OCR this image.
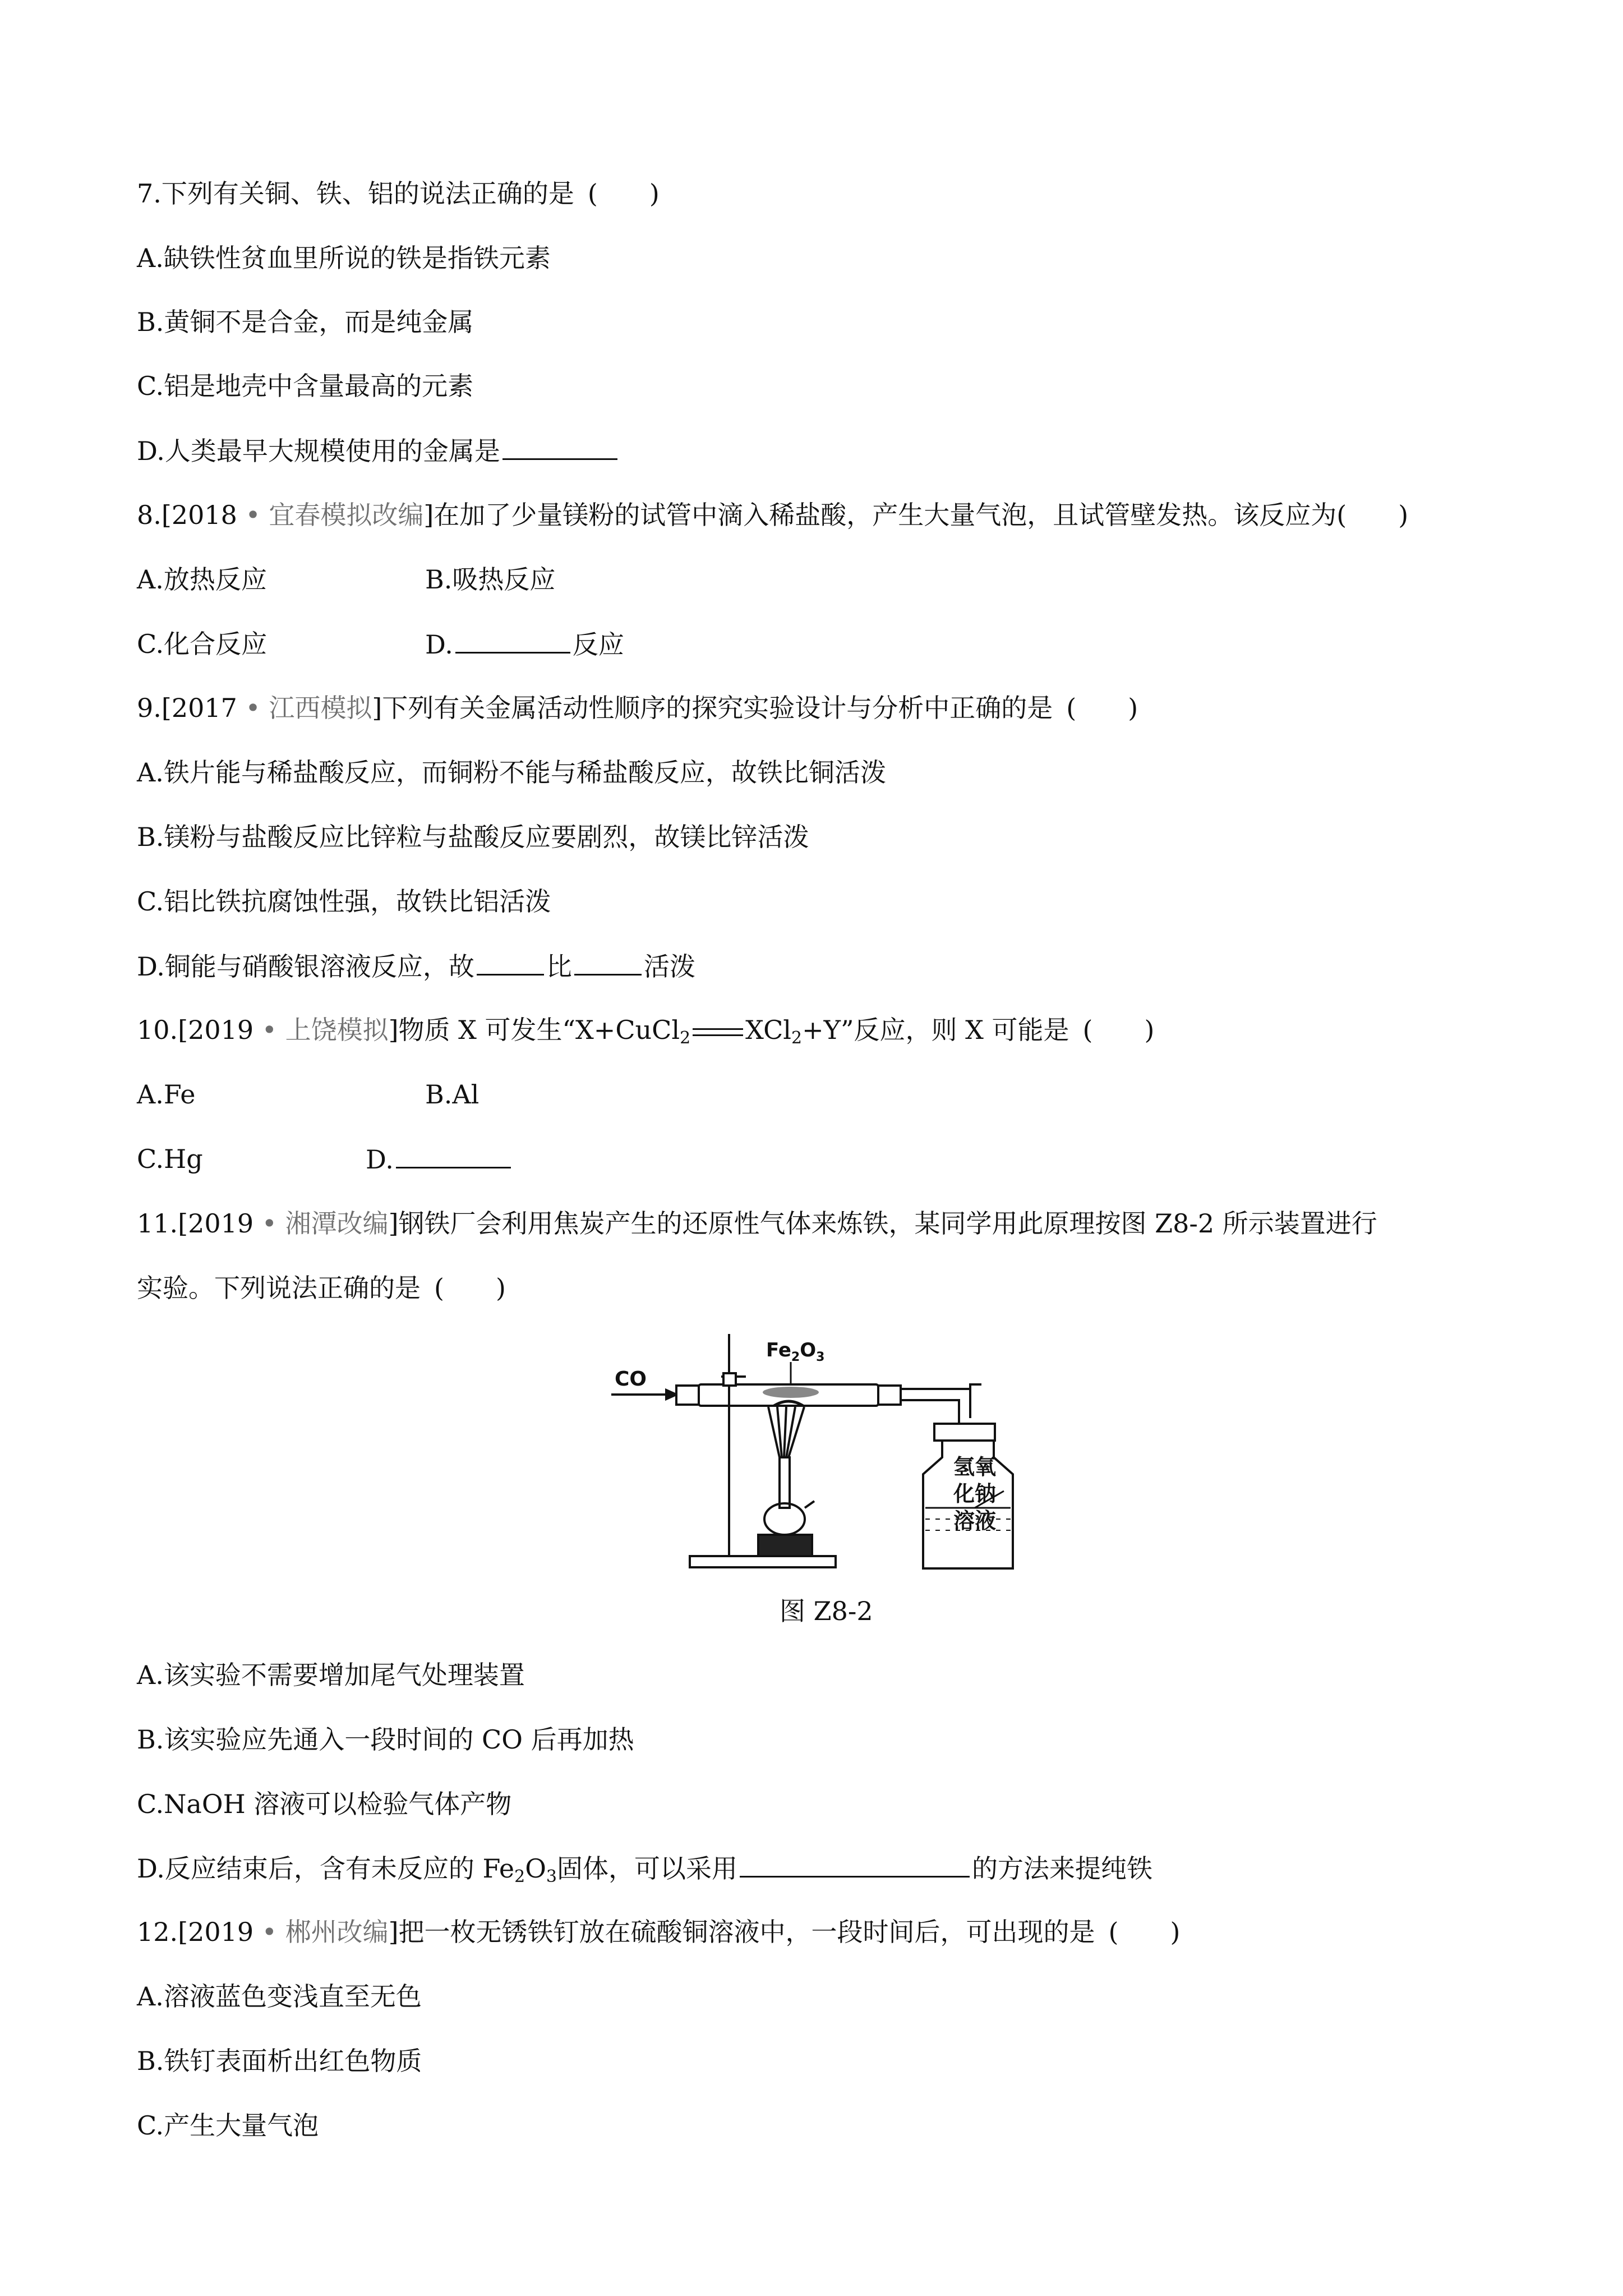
7.下列有关铜、铁、铝的说法正确的是 (　　)
A.缺铁性贫血里所说的铁是指铁元素
B.黄铜不是合金，而是纯金属
C.铝是地壳中含量最高的元素
D.人类最早大规模使用的金属是
8.[2018 • 宜春模拟改编]在加了少量镁粉的试管中滴入稀盐酸，产生大量气泡，且试管壁发热。该反应为(　　)
A.放热反应	B.吸热反应
C.化合反应	D.	反应
9.[2017 • 江西模拟]下列有关金属活动性顺序的探究实验设计与分析中正确的是 (　　)
A.铁片能与稀盐酸反应，而铜粉不能与稀盐酸反应，故铁比铜活泼
B.镁粉与盐酸反应比锌粒与盐酸反应要剧烈，故镁比锌活泼
C.铝比铁抗腐蚀性强，故铁比铝活泼
D.铜能与硝酸银溶液反应，故	比	活泼
10.[2019 • 上饶模拟]物质 X 可发生“X+CuCl$_2$ XCl$_2$+Y”反应，则 X 可能是 (　　)
A.Fe	B.Al
C.Hg	D.
11.[2019 • 湘潭改编]钢铁厂会利用焦炭产生的还原性气体来炼铁，某同学用此原理按图 Z8-2 所示装置进行
实验。下列说法正确的是 (　　)
CO
$Fe_2O_3$
氢氧
化钠
溶液
图 Z8-2
A.该实验不需要增加尾气处理装置
B.该实验应先通入一段时间的 CO 后再加热
C.NaOH 溶液可以检验气体产物
D.反应结束后，含有未反应的 $Fe_2O_3$固体，可以采用	的方法来提纯铁
12.[2019 • 郴州改编]把一枚无锈铁钉放在硫酸铜溶液中，一段时间后，可出现的是 (　　)
A.溶液蓝色变浅直至无色
B.铁钉表面析出红色物质
C.产生大量气泡
